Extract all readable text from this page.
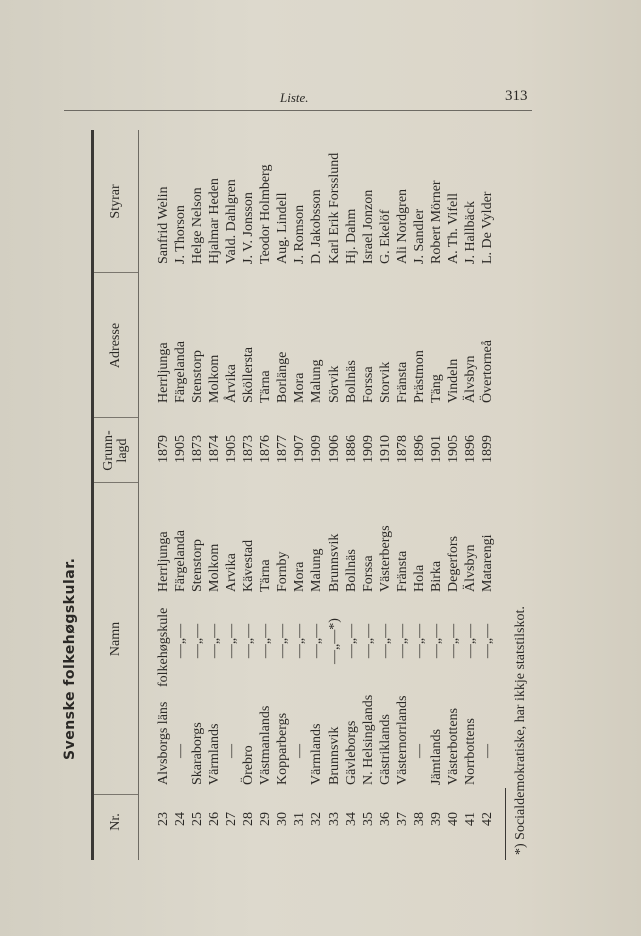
Liste.	313
Svenske folkehøgskular.
Nr.
Namn
Grunn-
lagd
Adresse
Styrar
23
Alvsborgs läns
folkehøgskule
Herrljunga
1879
Herrljunga
Sanfrid Welin
24
—
—„—
Färgelanda
1905
Färgelanda
J. Thorson
25
Skaraborgs
—„—
Stenstorp
1873
Stenstorp
Helge Nelson
26
Värmlands
—„—
Molkom
1874
Molkom
Hjalmar Heden
27
—
—„—
Arvika
1905
Årvika
Vald. Dahlgren
28
Örebro
—„—
Kävestad
1873
Sköllersta
J. V. Jonsson
29
Västmanlands
—„—
Tärna
1876
Tärna
Teodor Holmberg
30
Kopparbergs
—„—
Fornby
1877
Borlänge
Aug. Lindell
31
—
—„—
Mora
1907
Mora
J. Romson
32
Värmlands
—„—
Malung
1909
Malung
D. Jakobsson
33
Brunnsvik
—„—*)
Brunnsvik
1906
Sörvik
Karl Erik Forsslund
34
Gävleborgs
—„—
Bollnäs
1886
Bollnäs
Hj. Dahm
35
N. Helsinglands
—„—
Forssa
1909
Forssa
Israel Jonzon
36
Gästriklands
—„—
Västerbergs
1910
Storvik
G. Ekelöf
37
Västernorrlands
—„—
Fränsta
1878
Fränsta
Ali Nordgren
38
—
—„—
Hola
1896
Prästmon
J. Sandler
39
Jämtlands
—„—
Birka
1901
Täng
Robert Mörner
40
Västerbottens
—„—
Degerfors
1905
Vindeln
A. Th. Vifell
41
Norrbottens
—„—
Älvsbyn
1896
Älvsbyn
J. Hallbäck
42
—
—„—
Matarengi
1899
Övertorneå
L. De Vylder
*) Socialdemokratiske, har ikkje statstilskot.
